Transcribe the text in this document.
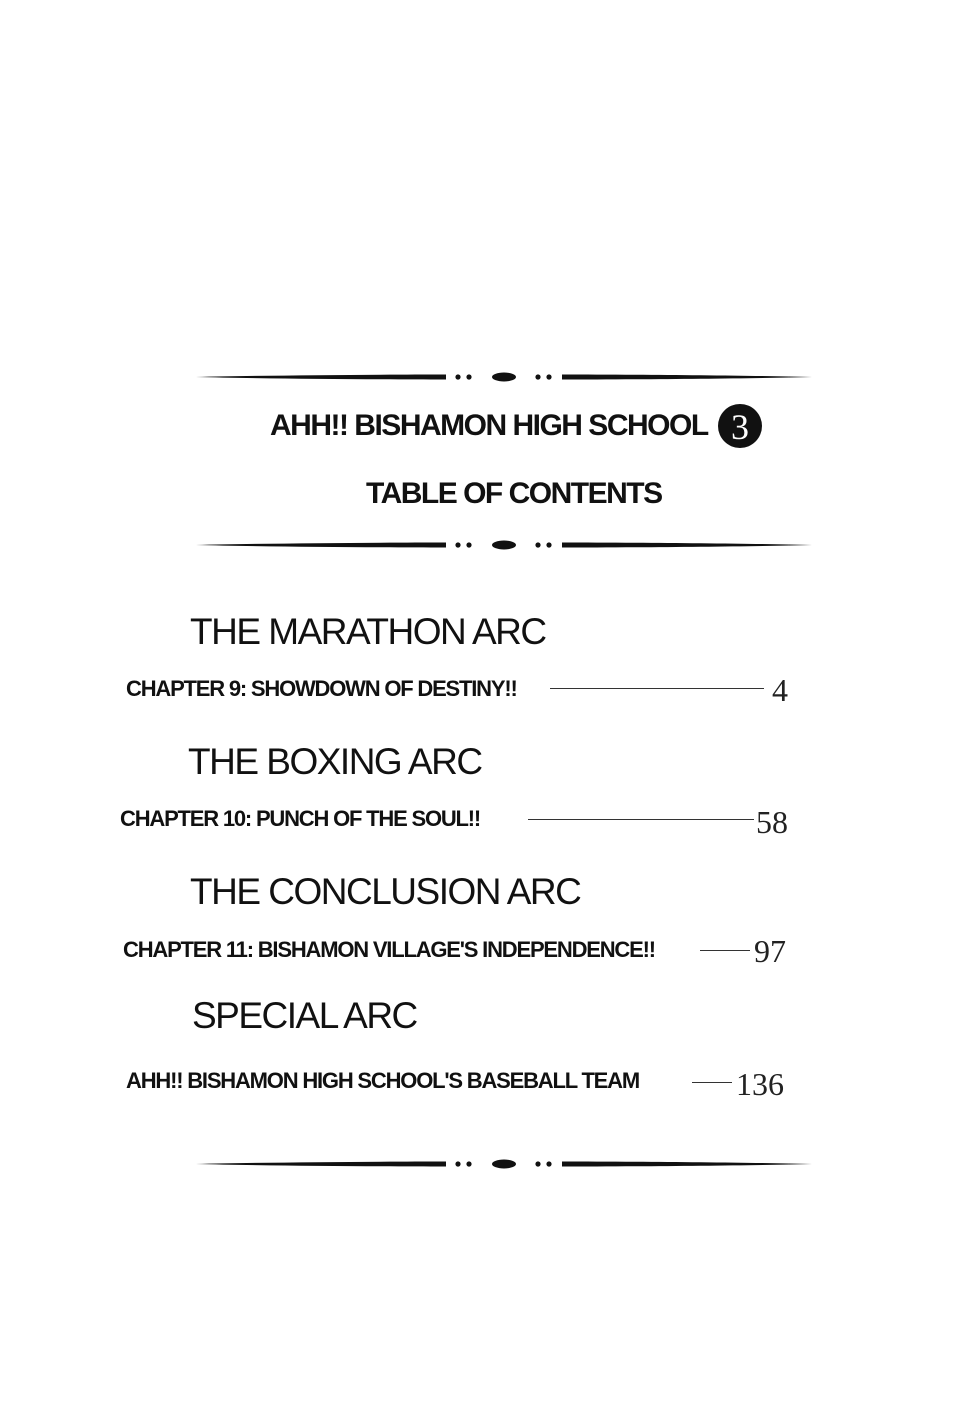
AHH!! BISHAMON HIGH SCHOOL 3
TABLE OF CONTENTS
THE MARATHON ARC
CHAPTER 9: SHOWDOWN OF DESTINY!!	4
THE BOXING ARC
CHAPTER 10: PUNCH OF THE SOUL!!	58
THE CONCLUSION ARC
CHAPTER 11: BISHAMON VILLAGE'S INDEPENDENCE!!	97
SPECIAL ARC
AHH!! BISHAMON HIGH SCHOOL'S BASEBALL TEAM	136
